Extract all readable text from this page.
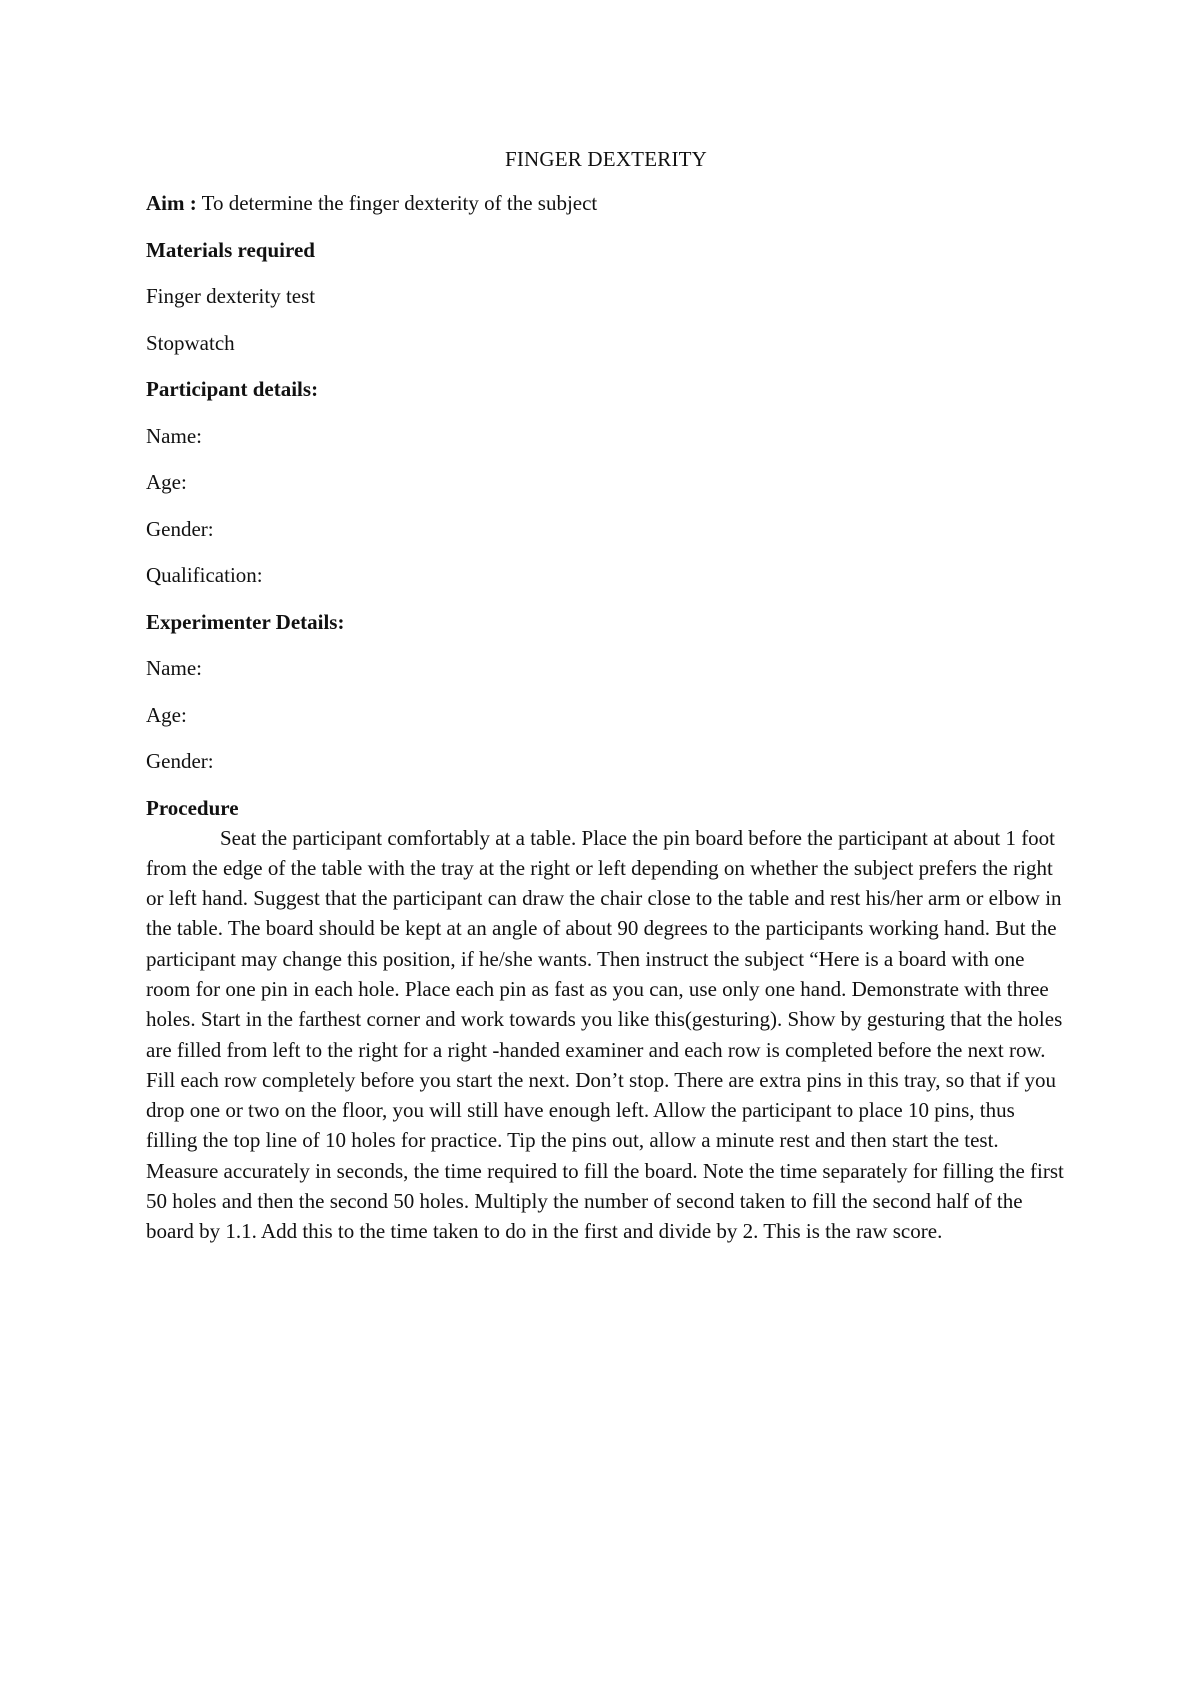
FINGER DEXTERITY
Aim : To determine the finger dexterity of the subject
Materials required
Finger dexterity test
Stopwatch
Participant details:
Name:
Age:
Gender:
Qualification:
Experimenter Details:
Name:
Age:
Gender:
Procedure

Seat the participant comfortably at a table. Place the pin board before the participant at about 1 foot from the edge of the table with the tray at the right or left depending on whether the subject prefers the right or left hand. Suggest that the participant can draw the chair close to the table and rest his/her arm or elbow in the table. The board should be kept at an angle of about 90 degrees to the participants working hand. But the participant may change this position, if he/she wants. Then instruct the subject “Here is a board with one room for one pin in each hole. Place each pin as fast as you can, use only one hand. Demonstrate with three holes. Start in the farthest corner and work towards you like this(gesturing). Show by gesturing that the holes are filled from left to the right for a right -handed examiner and each row is completed before the next row. Fill each row completely before you start the next. Don’t stop. There are extra pins in this tray, so that if you drop one or two on the floor, you will still have enough left. Allow the participant to place 10 pins, thus filling the top line of 10 holes for practice. Tip the pins out, allow a minute rest and then start the test. Measure accurately in seconds, the time required to fill the board. Note the time separately for filling the first 50 holes and then the second 50 holes. Multiply the number of second taken to fill the second half of the board by 1.1. Add this to the time taken to do in the first and divide by 2. This is the raw score.
